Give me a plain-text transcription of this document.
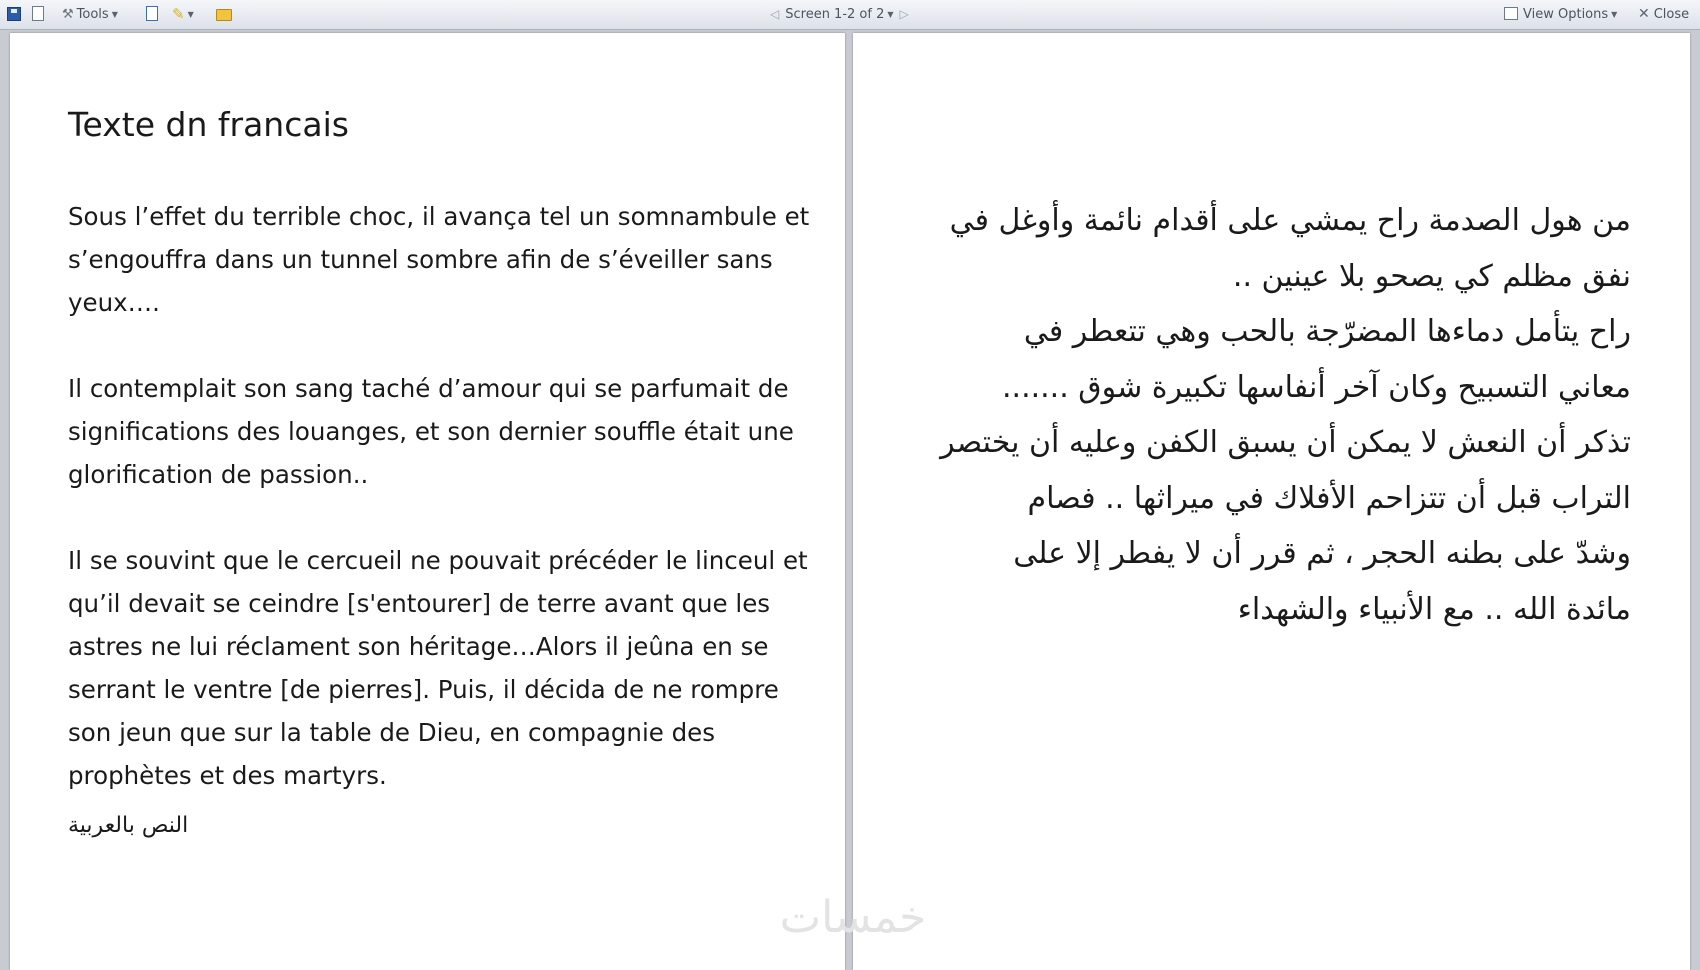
⚒ Tools ▼	✎ ▼	◁ Screen 1-2 of 2 ▼ ▷	View Options ▼ ✕ Close
Texte dn francais

Sous l’effet du terrible choc, il avança tel un somnambule et s’engouffra dans un tunnel sombre afin de s’éveiller sans yeux….

Il contemplait son sang taché d’amour qui se parfumait de significations des louanges, et son dernier souffle était une glorification de passion..

Il se souvint que le cercueil ne pouvait précéder le linceul et qu’il devait se ceindre [s'entourer] de terre avant que les astres ne lui réclament son héritage…Alors il jeûna en se serrant le ventre [de pierres]. Puis, il décida de ne rompre son jeun que sur la table de Dieu, en compagnie des prophètes et des martyrs.

النص بالعربية
من هول الصدمة راح يمشي على أقدام نائمة وأوغل في
نفق مظلم كي يصحو بلا عينين ..
راح يتأمل دماءها المضرّجة بالحب وهي تتعطر في
معاني التسبيح وكان آخر أنفاسها تكبيرة شوق .......
تذكر أن النعش لا يمكن أن يسبق الكفن وعليه أن يختصر
التراب قبل أن تتزاحم الأفلاك في ميراثها .. فصام
وشدّ على بطنه الحجر ، ثم قرر أن لا يفطر إلا على
مائدة الله .. مع الأنبياء والشهداء
خمسات
